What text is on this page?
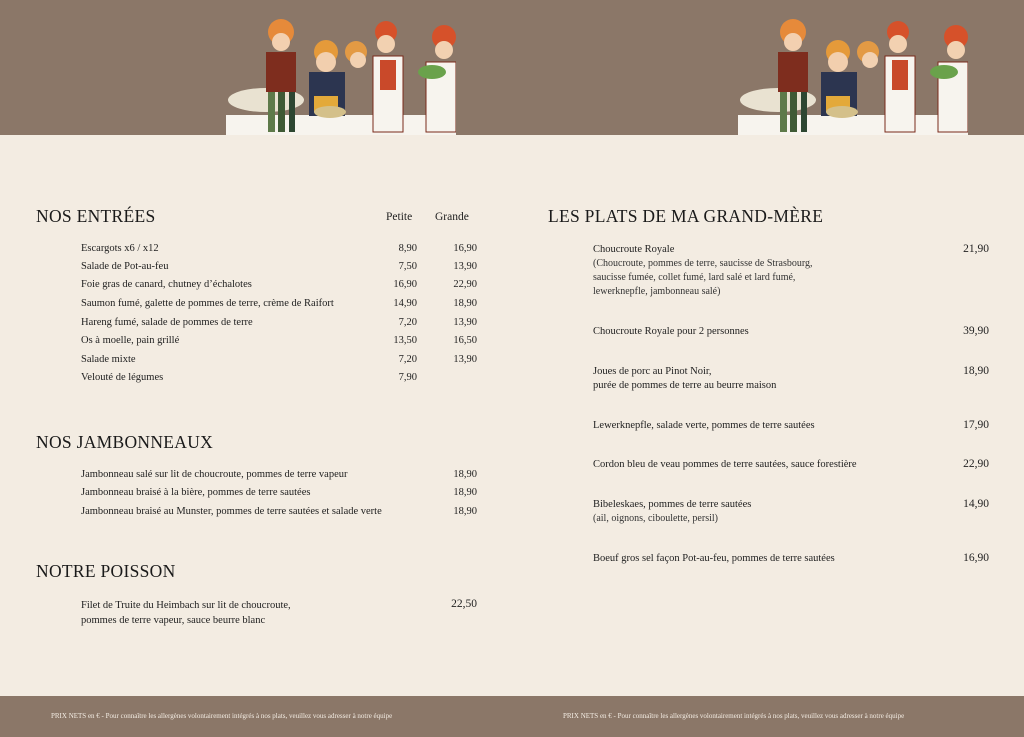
NOS ENTRÉES	Petite Grande
Escargots x6 / x12	8,90	16,90
Salade de Pot-au-feu	7,50	13,90
Foie gras de canard, chutney d’échalotes	16,90	22,90
Saumon fumé, galette de pommes de terre, crème de Raifort	14,90	18,90
Hareng fumé, salade de pommes de terre	7,20	13,90
Os à moelle, pain grillé	13,50	16,50
Salade mixte	7,20	13,90
Velouté de légumes	7,90
NOS JAMBONNEAUX
Jambonneau salé sur lit de choucroute, pommes de terre vapeur	18,90
Jambonneau braisé à la bière, pommes de terre sautées	18,90
Jambonneau braisé au Munster, pommes de terre sautées et salade verte	18,90
NOTRE POISSON
Filet de Truite du Heimbach sur lit de choucroute,
pommes de terre vapeur, sauce beurre blanc
22,50
LES PLATS DE MA GRAND-MÈRE
Choucroute Royale
(Choucroute, pommes de terre, saucisse de Strasbourg,
saucisse fumée, collet fumé, lard salé et lard fumé,
lewerknepfle, jambonneau salé)
21,90
Choucroute Royale pour 2 personnes	39,90
Joues de porc au Pinot Noir,
purée de pommes de terre au beurre maison
18,90
Lewerknepfle, salade verte, pommes de terre sautées	17,90
Cordon bleu de veau pommes de terre sautées, sauce forestière	22,90
Bibeleskaes, pommes de terre sautées
(ail, oignons, ciboulette, persil)
14,90
Boeuf gros sel façon Pot-au-feu, pommes de terre sautées	16,90
PRIX NETS en € - Pour connaître les allergènes volontairement intégrés à nos plats, veuillez vous adresser à notre équipe	PRIX NETS en € - Pour connaître les allergènes volontairement intégrés à nos plats, veuillez vous adresser à notre équipe
